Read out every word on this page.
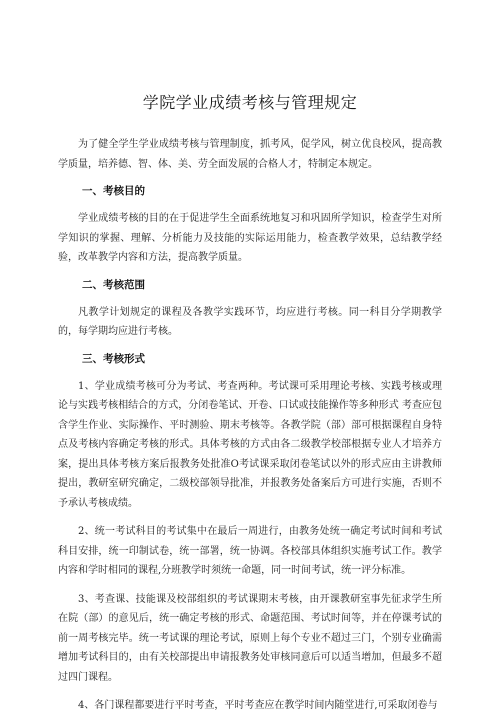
学院学业成绩考核与管理规定

为了健全学生学业成绩考核与管理制度，抓考风，促学风，树立优良校风，提高教学质量，培养德、智、体、美、劳全面发展的合格人才，特制定本规定。

一、考核目的

学业成绩考核的目的在于促进学生全面系统地复习和巩固所学知识，检查学生对所学知识的掌握、理解、分析能力及技能的实际运用能力，检查教学效果，总结教学经验，改革教学内容和方法，提高教学质量。

二、考核范围

凡教学计划规定的课程及各教学实践环节，均应进行考核。同一科目分学期教学的，每学期均应进行考核。

三、考核形式

1、学业成绩考核可分为考试、考查两种。考试课可采用理论考核、实践考核或理论与实践考核相结合的方式，分闭卷笔试、开卷、口试或技能操作等多种形式 考查应包含学生作业、实际操作、平时测验、期末考核等。各教学院（部）部可根据课程自身特点及考核内容确定考核的形式。具体考核的方式由各二级教学校部根据专业人才培养方案，提出具体考核方案后报教务处批准O考试课采取闭卷笔试以外的形式应由主讲教师提出，教研室研究确定，二级校部领导批准，并报教务处备案后方可进行实施，否则不予承认考核成绩。

2、统一考试科目的考试集中在最后一周进行，由教务处统一确定考试时间和考试科目安排，统一印制试卷，统一部署，统一协调。各校部具体组织实施考试工作。教学内容和学时相同的课程,分班教学时须统一命题，同一时间考试，统一评分标准。

3、考查课、技能课及校部组织的考试课期末考核，由开课教研室事先征求学生所在院（部）的意见后，统一确定考核的形式、命题范围、考试时间等，并在停课考试的前一周考核完毕。统一考试课的理论考试，原则上每个专业不超过三门，个别专业确需增加考试科目的，由有关校部提出申请报教务处审核同意后可以适当增加，但最多不超过四门课程。

4、各门课程都要进行平时考查，平时考查应在教学时间内随堂进行,可采取闭卷与
